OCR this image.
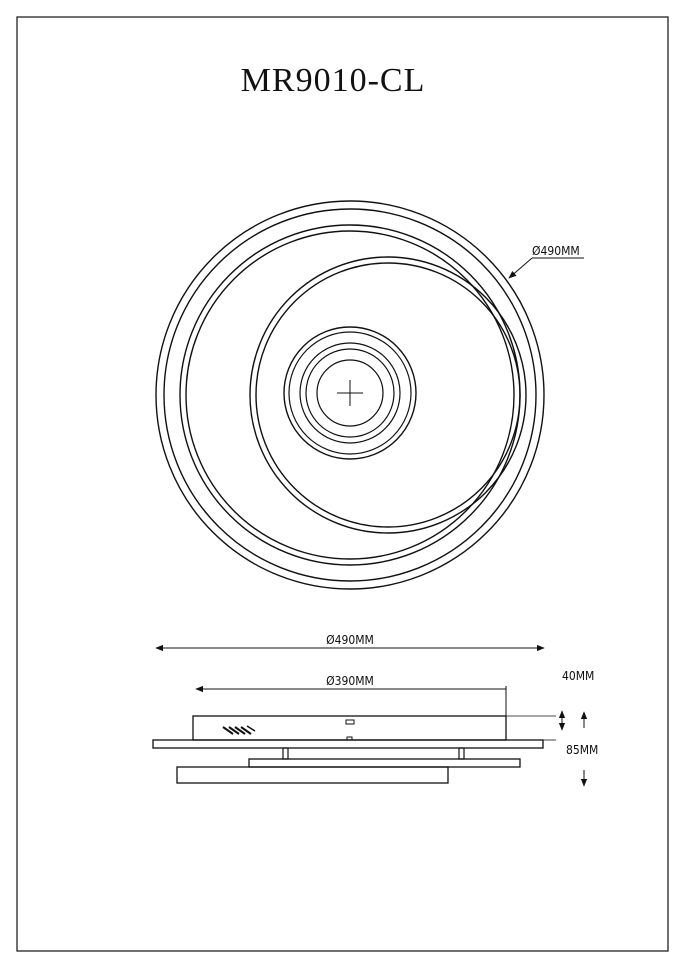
MR9010-CL
Ø490MM
Ø490MM
Ø390MM	40MM
85MM
